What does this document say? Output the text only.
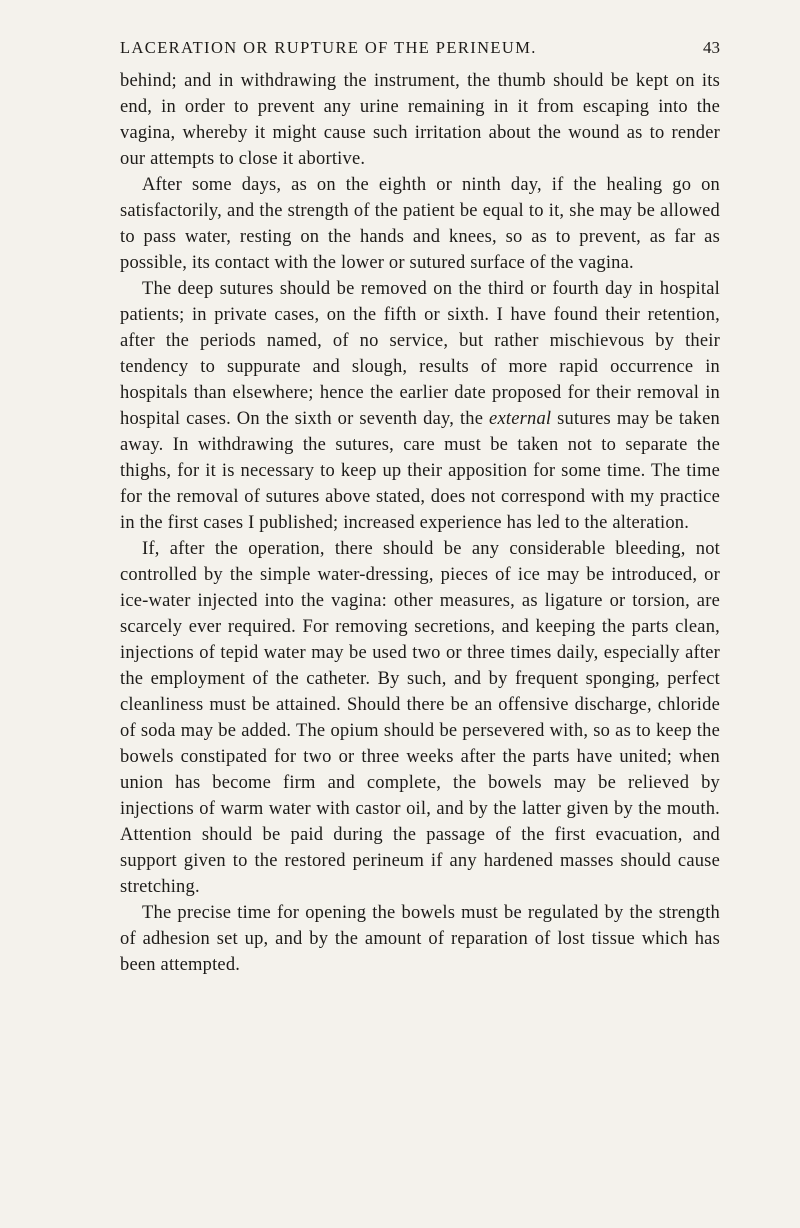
LACERATION OR RUPTURE OF THE PERINEUM.	43

behind; and in withdrawing the instrument, the thumb should be kept on its end, in order to prevent any urine remaining in it from escaping into the vagina, whereby it might cause such irritation about the wound as to render our attempts to close it abortive.

After some days, as on the eighth or ninth day, if the healing go on satisfactorily, and the strength of the patient be equal to it, she may be allowed to pass water, resting on the hands and knees, so as to prevent, as far as possible, its contact with the lower or sutured surface of the vagina.

The deep sutures should be removed on the third or fourth day in hospital patients; in private cases, on the fifth or sixth. I have found their retention, after the periods named, of no service, but rather mischievous by their tendency to suppurate and slough, results of more rapid occurrence in hospitals than elsewhere; hence the earlier date proposed for their removal in hospital cases. On the sixth or seventh day, the external sutures may be taken away. In withdrawing the sutures, care must be taken not to separate the thighs, for it is necessary to keep up their apposition for some time. The time for the removal of sutures above stated, does not correspond with my practice in the first cases I published; increased experience has led to the alteration.

If, after the operation, there should be any considerable bleeding, not controlled by the simple water-dressing, pieces of ice may be introduced, or ice-water injected into the vagina: other measures, as ligature or torsion, are scarcely ever required. For removing secretions, and keeping the parts clean, injections of tepid water may be used two or three times daily, especially after the employment of the catheter. By such, and by frequent sponging, perfect cleanliness must be attained. Should there be an offensive discharge, chloride of soda may be added. The opium should be persevered with, so as to keep the bowels constipated for two or three weeks after the parts have united; when union has become firm and complete, the bowels may be relieved by injections of warm water with castor oil, and by the latter given by the mouth. Attention should be paid during the passage of the first evacuation, and support given to the restored perineum if any hardened masses should cause stretching.

The precise time for opening the bowels must be regulated by the strength of adhesion set up, and by the amount of reparation of lost tissue which has been attempted.
